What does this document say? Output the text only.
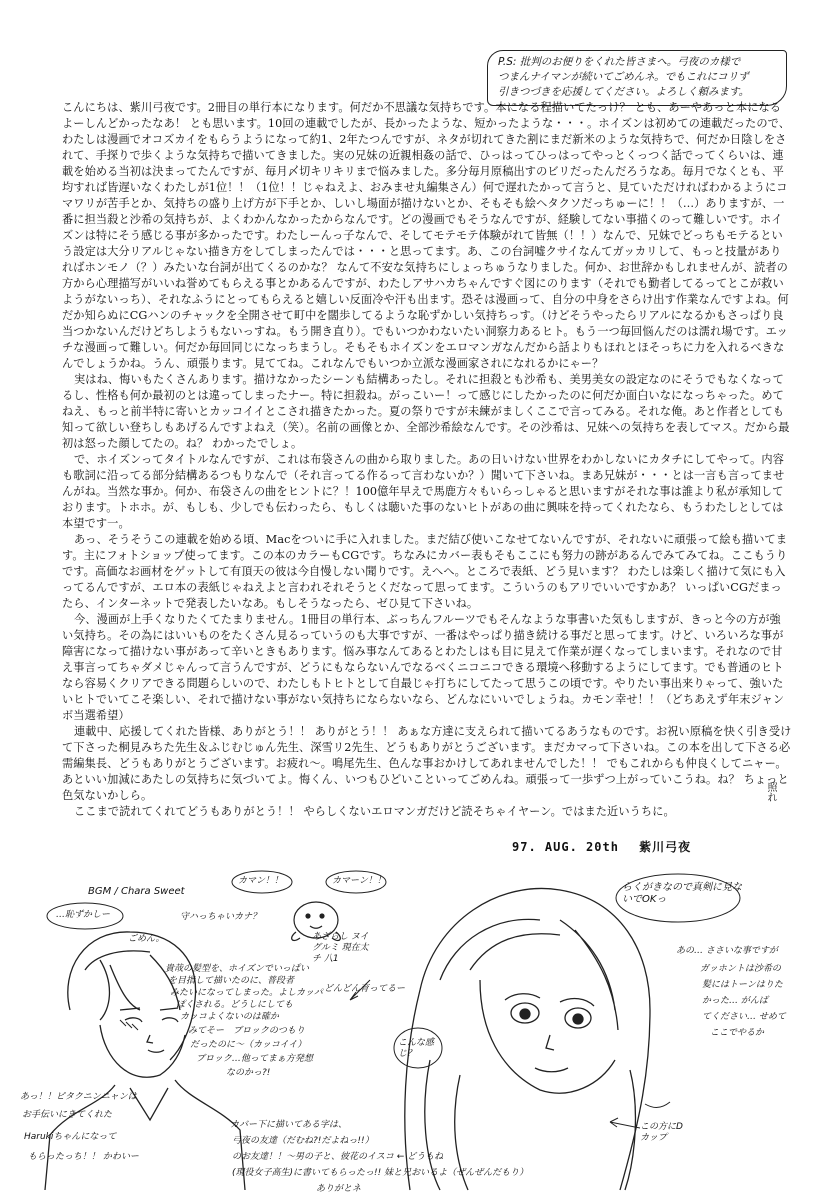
P.S: 批判のお便りをくれた皆さまへ。弓夜のカ様で
つまんナイマンが続いてごめんネ。でもこれにコリず
引きつづきを応援してください。よろしく頼みます。

こんにちは、紫川弓夜です。2冊目の単行本になります。何だか不思議な気持ちです。本になる程描いてたっけ？ とも、あーやあっと本になるよーしんどかったなあ！ とも思います。10回の連載でしたが、長かったような、短かったような・・・。ホイズンは初めての連載だったので、わたしは漫画でオコズカイをもらうようになって約1、2年たつんですが、ネタが切れてきた割にまだ新米のような気持ちで、何だか日陰しをされて、手探りで歩くような気持ちで描いてきました。実の兄妹の近親相姦の話で、ひっはってひっはってやっとくっつく話でってくらいは、連載を始める当初は決まってたんですが、毎月〆切キリキリまで悩みました。多分毎月原稿出すのビリだったんだろうなあ。毎月でなくとも、平均すれば皆遅いなくわたしが1位！！（1位！！じゃねえよ、おみませ丸編集さん）何で遅れたかって言うと、見ていただければわかるようにコマワリが苦手とか、気持ちの盛り上げ方が下手とか、しいし場面が描けないとか、そもそも絵ヘタクソだっちゅーに！！（…）ありますが、一番に担当殺と沙希の気持ちが、よくわかんなかったからなんです。どの漫画でもそうなんですが、経験してない事描くのって難しいです。ホイズンは特にそう感じる事が多かったです。わたしーんっ子なんで、そしてモテモテ体験がれて皆無（！！）なんで、兄妹でどっちもモテるという設定は大分リアルじゃない描き方をしてしまったんでは・・・と思ってます。あ、この台詞嘘クサイなんてガッカリして、もっと技量がありればホンモノ（？）みたいな台詞が出てくるのかな？ なんて不安な気持ちにしょっちゅうなりました。何か、お世辞かもしれませんが、読者の方から心理描写がいいね誉めてもらえる事とかあるんですが、わたしアサハカちゃんですぐ図にのります（それでも勤者してるってとこが救いようがないっち）、それなふうにとってもらえると嬉しい反面冷や汗も出ます。恐そは漫画って、自分の中身をさらけ出す作業なんですよね。何だか知らぬにCGハンのチャックを全開させて町中を闊歩してるような恥ずかしい気持ちっす。（けどそうやったらリアルになるかもさっぱり良当つかないんだけどちしようもないっすね。もう開き直り）。でもいつかわないたい洞察力あるヒト。もう一つ毎回悩んだのは濡れ場です。エッチな漫画って難しい。何だか毎回同じになっちまうし。そもそもホイズンをエロマンガなんだから話よりもほれとほそっちに力を入れるべきなんでしょうかね。うん、頑張ります。見ててね。これなんでもいつか立派な漫画家されになれるかにゃー？

実はね、悔いもたくさんあります。描けなかったシーンも結構あったし。それに担殺とも沙希も、美男美女の設定なのにそうでもなくなってるし、性格も何か最初のとは違ってしまったナー。特に担殺ね。がっこいー！って感じにしたかったのに何だか面白いなになっちゃった。めてねえ、もっと前半特に寄いとカッコイイとこされ描きたかった。夏の祭りですが未練がましくここで言ってみる。それな俺。あと作者としても知って欲しい登ちしもあげるんですよねえ（笑）。名前の画像とか、全部沙希絵なんです。その沙希は、兄妹への気持ちを表してマス。だから最初は怒った顔してたの。ね？ わかったでしょ。

で、ホイズンってタイトルなんですが、これは布袋さんの曲から取りました。あの日いけない世界をわかしないにカタチにしてやって。内容も歌詞に沿ってる部分結構あるつもりなんで（それ言ってる作るって言わないか？）聞いて下さいね。まあ兄妹が・・・とは一言も言ってませんがね。当然な事か。何か、布袋さんの曲をヒントに？！100億年早えで馬鹿方々もいらっしゃると思いますがそれな事は誰より私が承知しております。トホホ。が、もしも、少しでも伝わったら、もしくは聴いた事のないヒトがあの曲に興味を持ってくれたなら、もうわたしとしては本望です一。

あっ、そうそうこの連載を始める頃、Macをついに手に入れました。まだ結び使いこなせてないんですが、それないに頑張って絵も描いてます。主にフォトショップ使ってます。この本のカラーもCGです。ちなみにカバー表もそもここにも努力の跡があるんでみてみてね。ここもうりです。高価なお画材をゲットして有頂天の彼は今自慢しない聞りです。えへへ。ところで表紙、どう見います？ わたしは楽しく描けて気にも入ってるんですが、エロ本の表紙じゃねえよと言われそれそうとくだなって思ってます。こういうのもアリでいいですかあ？ いっぱいCGだまったら、インターネットで発表したいなあ。もしそうなったら、ゼひ見て下さいね。

今、漫画が上手くなりたくてたまりません。1冊目の単行本、ぶっちんフルーツでもそんなような事書いた気もしますが、きっと今の方が強い気持ち。その為にはいいものをたくさん見るっていうのも大事ですが、一番はやっぱり描き続ける事だと思ってます。けど、いろいろな事が障害になって描けない事があって辛いときもあります。悩み事なんてあるとわたしはも目に見えて作業が遅くなってしまいます。それなので甘え事言ってちゃダメじゃんって言うんですが、どうにもならないんでなるべくニコニコできる環境へ移動するようにしてます。でも普通のヒトなら容易くクリアできる問題らしいので、わたしもトヒトとして自最じゃ打ちにしてたって思うこの頃です。やりたい事出来りゃって、強いたいヒトでいてこそ楽しい、それで描けない事がない気持ちにならないなら、どんなにいいでしょうね。カモン幸せ！！（どちあえず年末ジャンボ当選希望）

連載中、応援してくれた皆様、ありがとう！！ ありがとう！！ あぁな方達に支えられて描いてるあうなものです。お祝い原稿を快く引き受けて下さった桐見みちた先生＆ふじむじゅん先生、深雪リ2先生、どうもありがとうございます。まだカマって下さいね。この本を出して下さる必需編集長、どうもありがとうございます。お疲れ〜。鳴尾先生、色んな事おかけしてあれませんでした！！ でもこれからも仲良くしてニャー。あといい加減にあたしの気持ちに気づいてよ。悔くん、いつもひどいこといってごめんね。頑張って一歩ずつ上がっていこうね。ね？ ちょっと色気ないかしら。

ここまで読れてくれてどうもありがとう！！ やらしくないエロマンガだけど読そちゃイヤーン。ではまた近いうちに。

照れ
97. AUG. 20th 紫川弓夜
BGM / Chara Sweet
…恥ずかしー
ごめん。
守ハっちゃいカナ？
カマン！！	カマーン！！
あざらし ヌイグルミ 現在太チ 八1
どんどん育ってるー
らくがきなので真剣に見ないでOKっ
貴哉の髪型を、ホイズンでいっぱい
を目指して描いたのに、普段者
みたいになってしまった。よしカッパ
ぽくされる。どうしにしても
カッコよくないのは確か
みてそー　ブロックのつもり
だったのに〜（カッコイイ）
ブロック…他ってまぁ方発想
なのかっ?!
あの… ささいな事ですが
ガッホントは沙希の
髪にはトーンはりた
かった… がんば
てください… せめて
ここでやるか
こんな感じ？
この方にDカップ
あっ！！ピタクニンニャンは
お手伝いにきてくれた
Harukiちゃんになって
もらったっち！！ かわいー
カバー下に描いてある字は、
弓夜の友達（だむね?!だよねっ!!）
のお友達！！〜男の子と、彼花のイスコ ← どうもね
(現役女子高生)に書いてもらったっ!! 妹と兄おいるよ（ぜんぜんだもり）
ありがとネ
